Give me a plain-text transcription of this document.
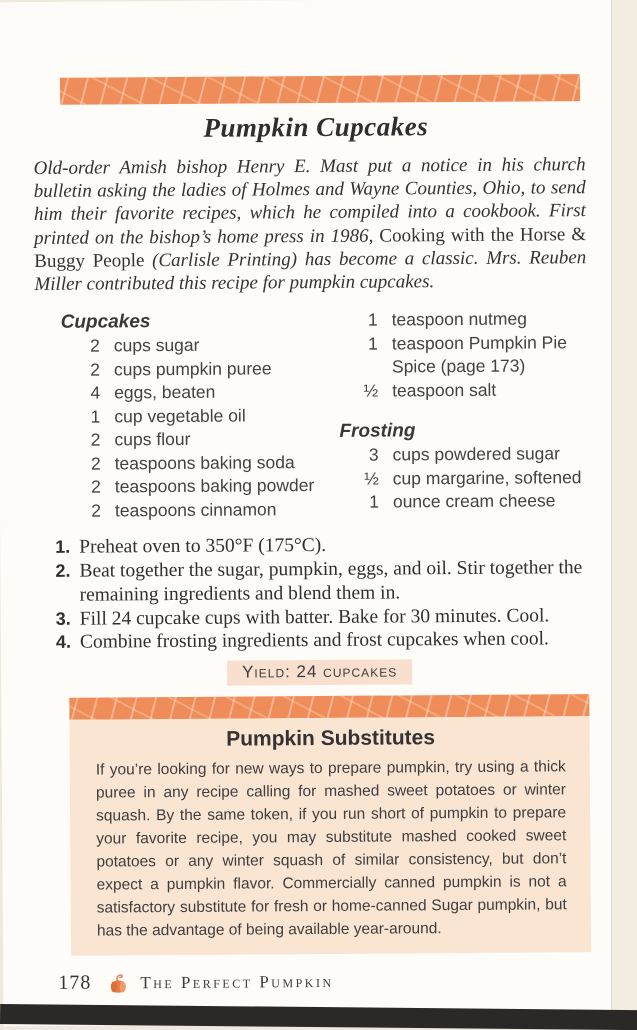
Pumpkin Cupcakes

Old-order Amish bishop Henry E. Mast put a notice in his church bulletin asking the ladies of Holmes and Wayne Counties, Ohio, to send him their favorite recipes, which he compiled into a cookbook. First printed on the bishop’s home press in 1986, Cooking with the Horse & Buggy People (Carlisle Printing) has become a classic. Mrs. Reuben Miller contributed this recipe for pumpkin cupcakes.

Cupcakes
2 cups sugar
2 cups pumpkin puree
4 eggs, beaten
1 cup vegetable oil
2 cups flour
2 teaspoons baking soda
2 teaspoons baking powder
2 teaspoons cinnamon
1 teaspoon nutmeg
1 teaspoon Pumpkin Pie
Spice (page 173)
½ teaspoon salt
Frosting
3 cups powdered sugar
½ cup margarine, softened
1 ounce cream cheese
1. Preheat oven to 350°F (175°C).
2. Beat together the sugar, pumpkin, eggs, and oil. Stir together the remaining ingredients and blend them in.
3. Fill 24 cupcake cups with batter. Bake for 30 minutes. Cool.
4. Combine frosting ingredients and frost cupcakes when cool.
Yield: 24 cupcakes
Pumpkin Substitutes
If you’re looking for new ways to prepare pumpkin, try using a thick puree in any recipe calling for mashed sweet potatoes or winter squash. By the same token, if you run short of pumpkin to prepare your favorite recipe, you may substitute mashed cooked sweet potatoes or any winter squash of similar consistency, but don’t expect a pumpkin flavor. Commercially canned pumpkin is not a satisfactory substitute for fresh or home-canned Sugar pumpkin, but has the advantage of being available year-around.
178	The Perfect Pumpkin
